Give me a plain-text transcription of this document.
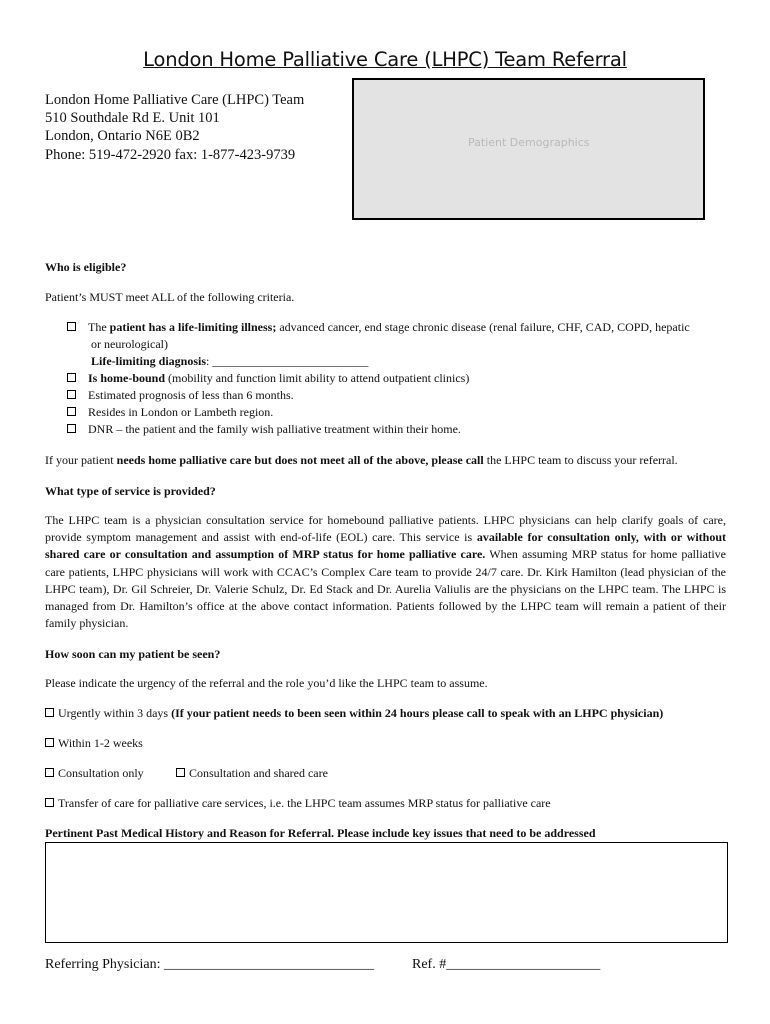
London Home Palliative Care (LHPC) Team Referral
London Home Palliative Care (LHPC) Team
510 Southdale Rd E. Unit 101
London, Ontario N6E 0B2
Phone: 519-472-2920 fax: 1-877-423-9739
Patient Demographics
Who is eligible?
Patient’s MUST meet ALL of the following criteria.
The patient has a life-limiting illness; advanced cancer, end stage chronic disease (renal failure, CHF, CAD, COPD, hepatic
or neurological)
Life-limiting diagnosis: __________________________
Is home-bound (mobility and function limit ability to attend outpatient clinics)
Estimated prognosis of less than 6 months.
Resides in London or Lambeth region.
DNR – the patient and the family wish palliative treatment within their home.
If your patient needs home palliative care but does not meet all of the above, please call the LHPC team to discuss your referral.
What type of service is provided?
The LHPC team is a physician consultation service for homebound palliative patients. LHPC physicians can help clarify goals of care, provide symptom management and assist with end-of-life (EOL) care. This service is available for consultation only, with or without shared care or consultation and assumption of MRP status for home palliative care. When assuming MRP status for home palliative care patients, LHPC physicians will work with CCAC’s Complex Care team to provide 24/7 care. Dr. Kirk Hamilton (lead physician of the LHPC team), Dr. Gil Schreier, Dr. Valerie Schulz, Dr. Ed Stack and Dr. Aurelia Valiulis are the physicians on the LHPC team. The LHPC is managed from Dr. Hamilton’s office at the above contact information. Patients followed by the LHPC team will remain a patient of their family physician.
How soon can my patient be seen?
Please indicate the urgency of the referral and the role you’d like the LHPC team to assume.
Urgently within 3 days (If your patient needs to been seen within 24 hours please call to speak with an LHPC physician)
Within 1-2 weeks
Consultation only	Consultation and shared care
Transfer of care for palliative care services, i.e. the LHPC team assumes MRP status for palliative care
Pertinent Past Medical History and Reason for Referral. Please include key issues that need to be addressed
Referring Physician: ______________________________	Ref. #______________________
